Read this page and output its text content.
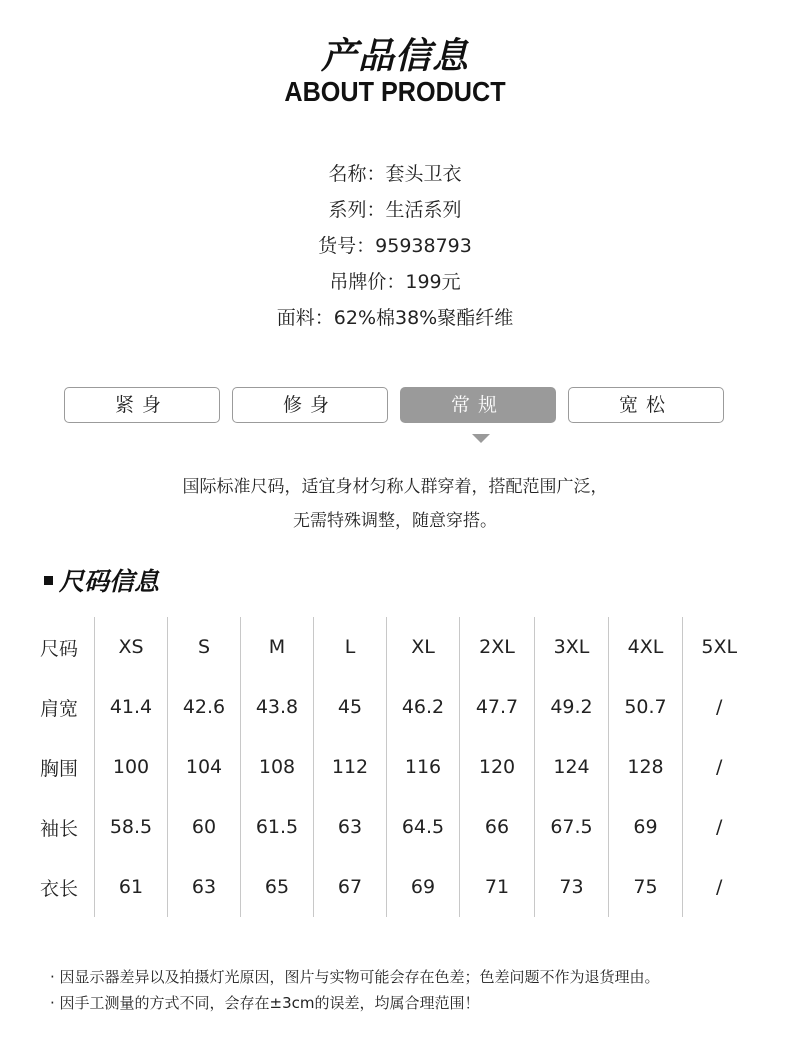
产品信息
ABOUT PRODUCT
名称：套头卫衣
系列：生活系列
货号：95938793
吊牌价：199元
面料：62%棉38%聚酯纤维
紧身	修身	常规	宽松
国际标准尺码，适宜身材匀称人群穿着，搭配范围广泛，
无需特殊调整，随意穿搭。
尺码信息
尺码	XS	S	M	L	XL	2XL	3XL	4XL	5XL
肩宽	41.4	42.6	43.8	45	46.2	47.7	49.2	50.7	/
胸围	100	104	108	112	116	120	124	128	/
袖长	58.5	60	61.5	63	64.5	66	67.5	69	/
衣长	61	63	65	67	69	71	73	75	/
· 因显示器差异以及拍摄灯光原因，图片与实物可能会存在色差；色差问题不作为退货理由。
· 因手工测量的方式不同，会存在±3cm的误差，均属合理范围！
